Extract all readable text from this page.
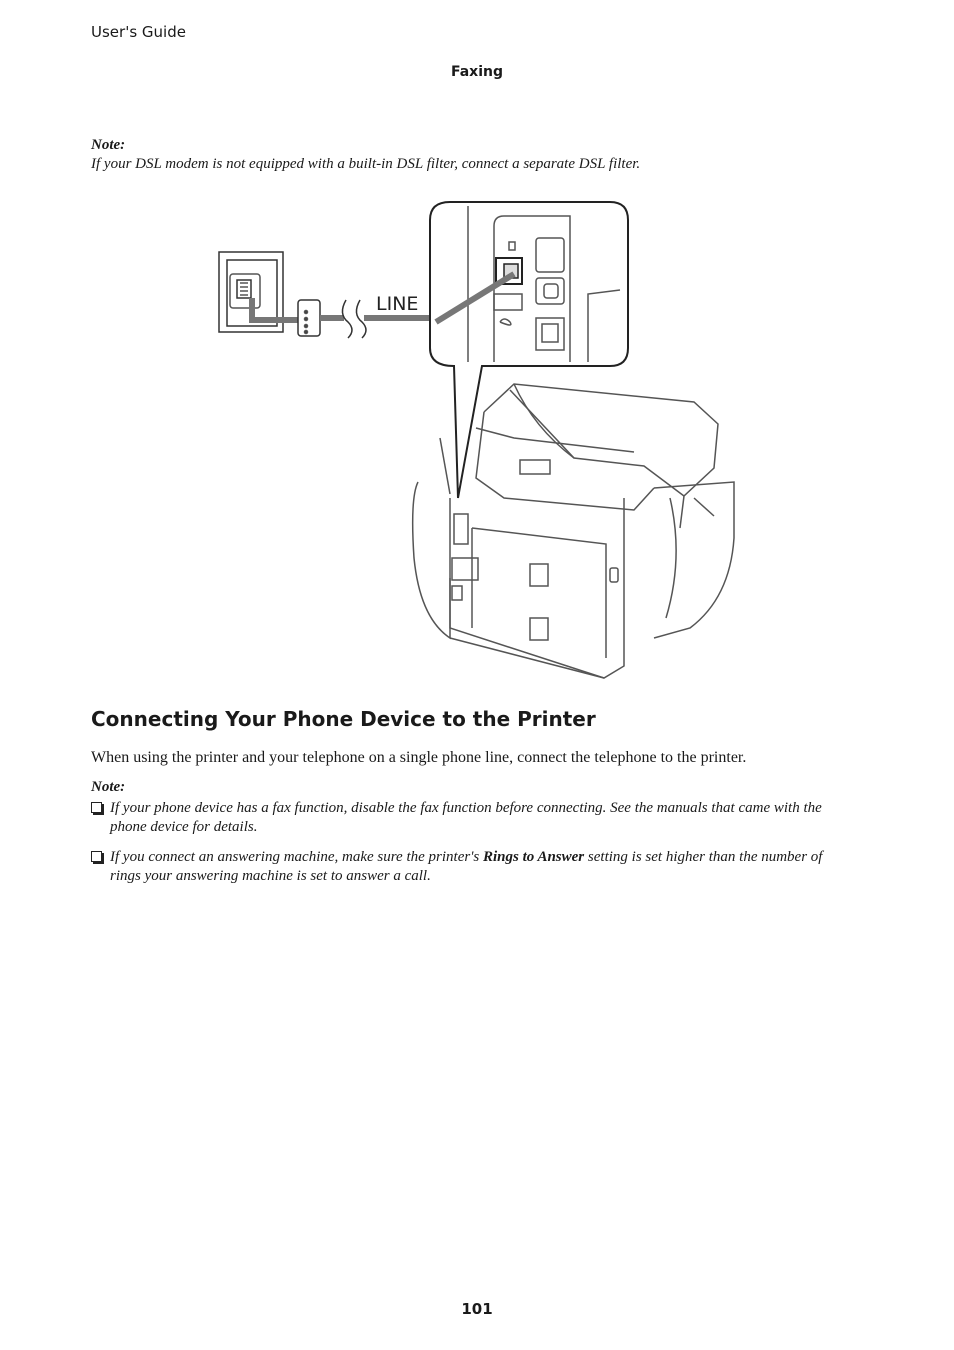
User's Guide
Faxing
Note:
If your DSL modem is not equipped with a built-in DSL filter, connect a separate DSL filter.
LINE
Connecting Your Phone Device to the Printer
When using the printer and your telephone on a single phone line, connect the telephone to the printer.
Note:
If your phone device has a fax function, disable the fax function before connecting. See the manuals that came with the phone device for details.
If you connect an answering machine, make sure the printer's Rings to Answer setting is set higher than the number of rings your answering machine is set to answer a call.
101
